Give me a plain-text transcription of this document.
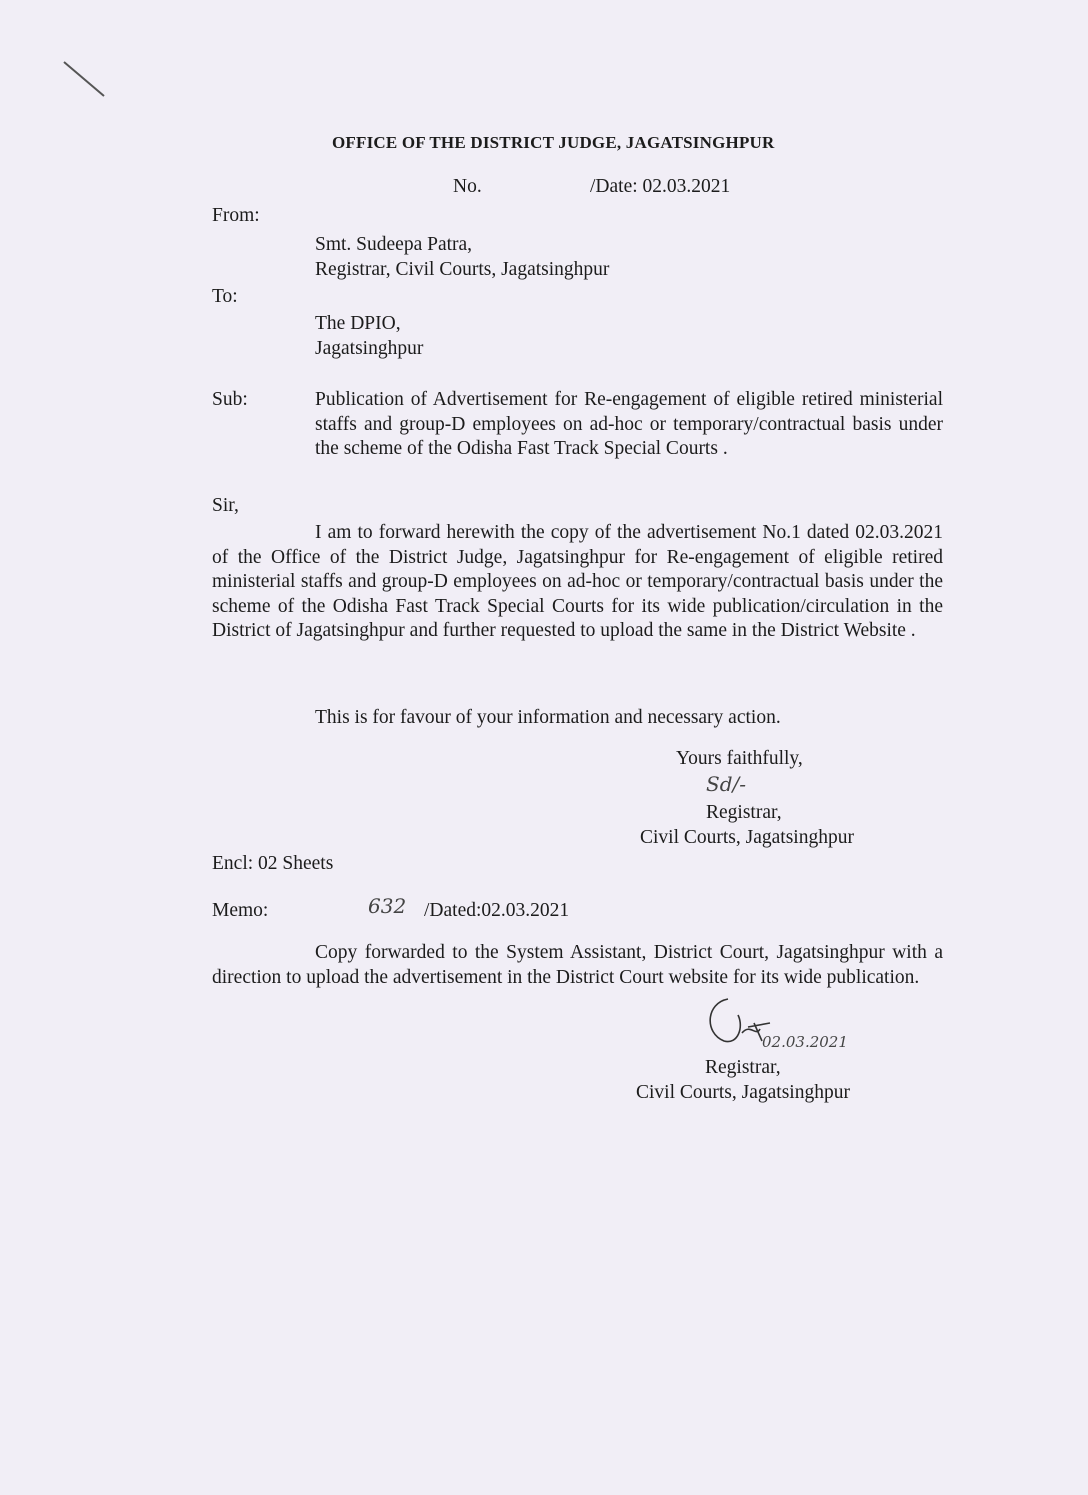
OFFICE OF THE DISTRICT JUDGE, JAGATSINGHPUR
No.	/Date: 02.03.2021
From:
Smt. Sudeepa Patra,
Registrar, Civil Courts, Jagatsinghpur
To:
The DPIO,
Jagatsinghpur
Sub:	Publication of Advertisement for Re-engagement of eligible retired ministerial staffs and group-D employees on ad-hoc or temporary/contractual basis under the scheme of the Odisha Fast Track Special Courts .
Sir,
I am to forward herewith the copy of the advertisement No.1 dated 02.03.2021 of the Office of the District Judge, Jagatsinghpur for Re-engagement of eligible retired ministerial staffs and group-D employees on ad-hoc or temporary/contractual basis under the scheme of the Odisha Fast Track Special Courts for its wide publication/circulation in the District of Jagatsinghpur and further requested to upload the same in the District Website .
This is for favour of your information and necessary action.
Yours faithfully,
Sd/-
Registrar,
Civil Courts, Jagatsinghpur
Encl: 02 Sheets
Memo:	632 /Dated:02.03.2021
Copy forwarded to the System Assistant, District Court, Jagatsinghpur with a direction to upload the advertisement in the District Court website for its wide publication.
02.03.2021
Registrar,
Civil Courts, Jagatsinghpur
